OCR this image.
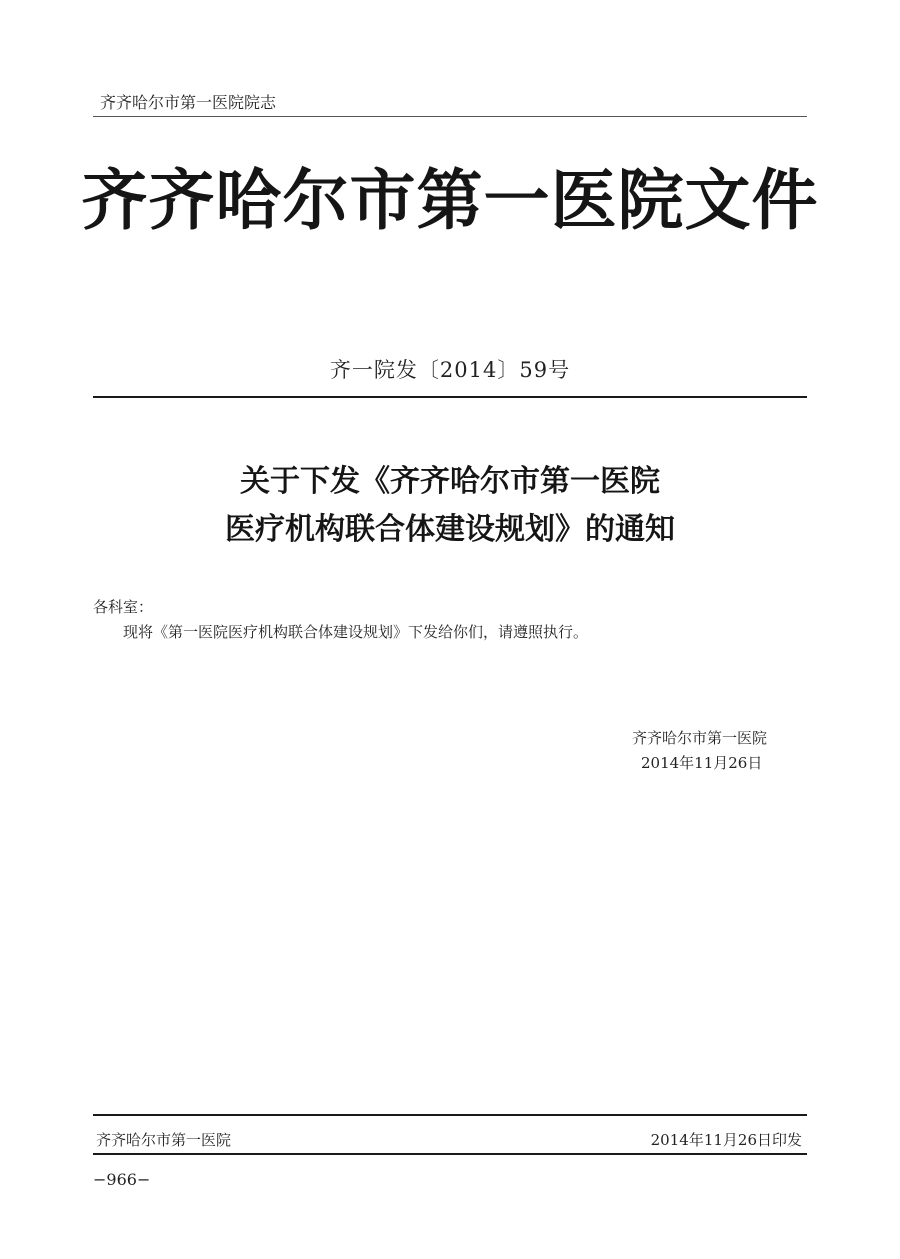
齐齐哈尔市第一医院院志
齐齐哈尔市第一医院文件
齐一院发〔2014〕59号
关于下发《齐齐哈尔市第一医院
医疗机构联合体建设规划》的通知
各科室：
现将《第一医院医疗机构联合体建设规划》下发给你们，请遵照执行。
齐齐哈尔市第一医院
2014年11月26日
齐齐哈尔市第一医院	2014年11月26日印发
−966−
